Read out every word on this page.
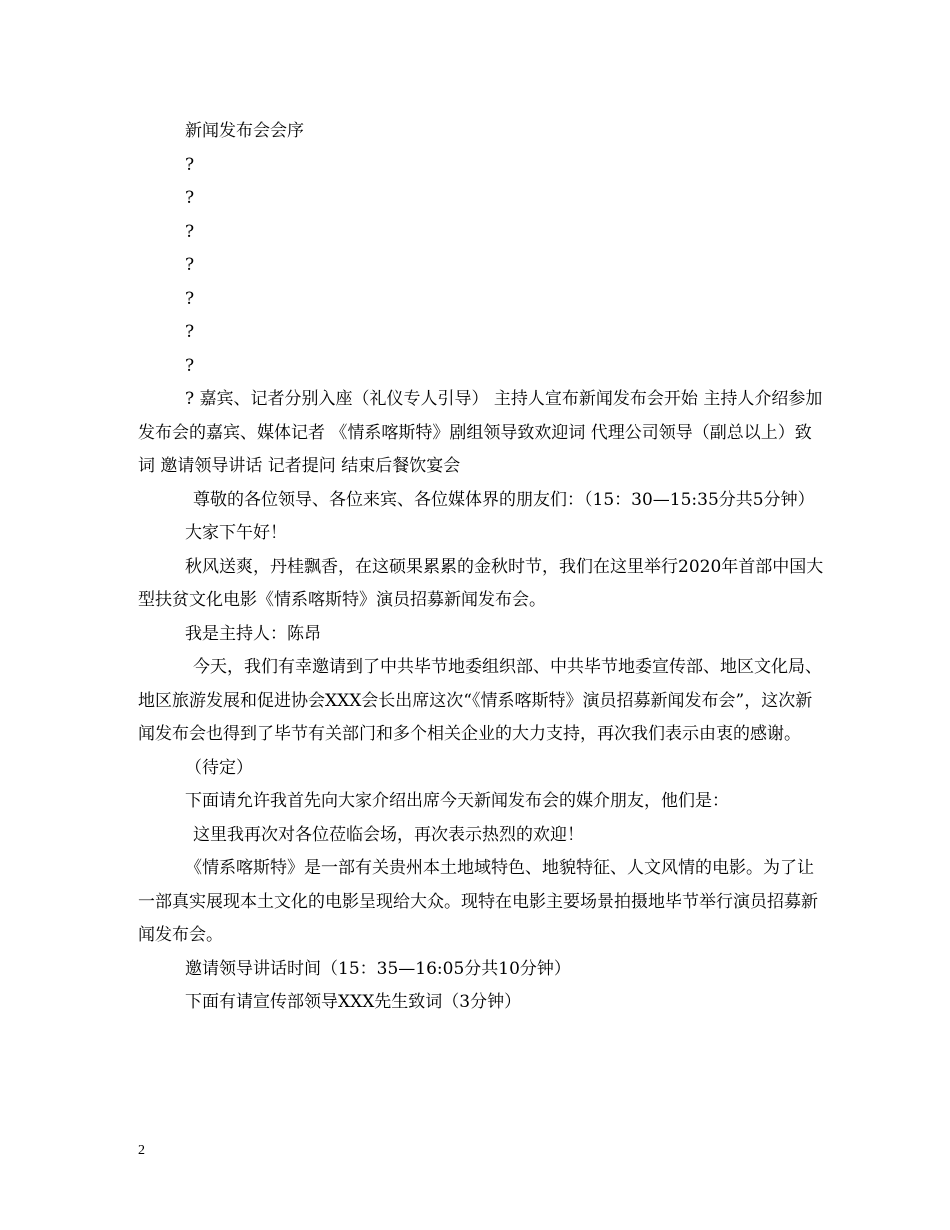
新闻发布会会序

?

?

?

?

?

?

?

? 嘉宾、记者分别入座（礼仪专人引导） 主持人宣布新闻发布会开始 主持人介绍参加发布会的嘉宾、媒体记者 《情系喀斯特》剧组领导致欢迎词 代理公司领导（副总以上）致词 邀请领导讲话 记者提问 结束后餐饮宴会

尊敬的各位领导、各位来宾、各位媒体界的朋友们：（15：30—15:35分共5分钟）

大家下午好！

秋风送爽，丹桂飘香，在这硕果累累的金秋时节，我们在这里举行2020年首部中国大型扶贫文化电影《情系喀斯特》演员招募新闻发布会。

我是主持人：陈昂

今天，我们有幸邀请到了中共毕节地委组织部、中共毕节地委宣传部、地区文化局、地区旅游发展和促进协会XXX会长出席这次“《情系喀斯特》演员招募新闻发布会”，这次新闻发布会也得到了毕节有关部门和多个相关企业的大力支持，再次我们表示由衷的感谢。

（待定）

下面请允许我首先向大家介绍出席今天新闻发布会的媒介朋友，他们是：

这里我再次对各位莅临会场，再次表示热烈的欢迎！

《情系喀斯特》是一部有关贵州本土地域特色、地貌特征、人文风情的电影。为了让一部真实展现本土文化的电影呈现给大众。现特在电影主要场景拍摄地毕节举行演员招募新闻发布会。

邀请领导讲话时间（15：35—16:05分共10分钟）

下面有请宣传部领导XXX先生致词（3分钟）

2
